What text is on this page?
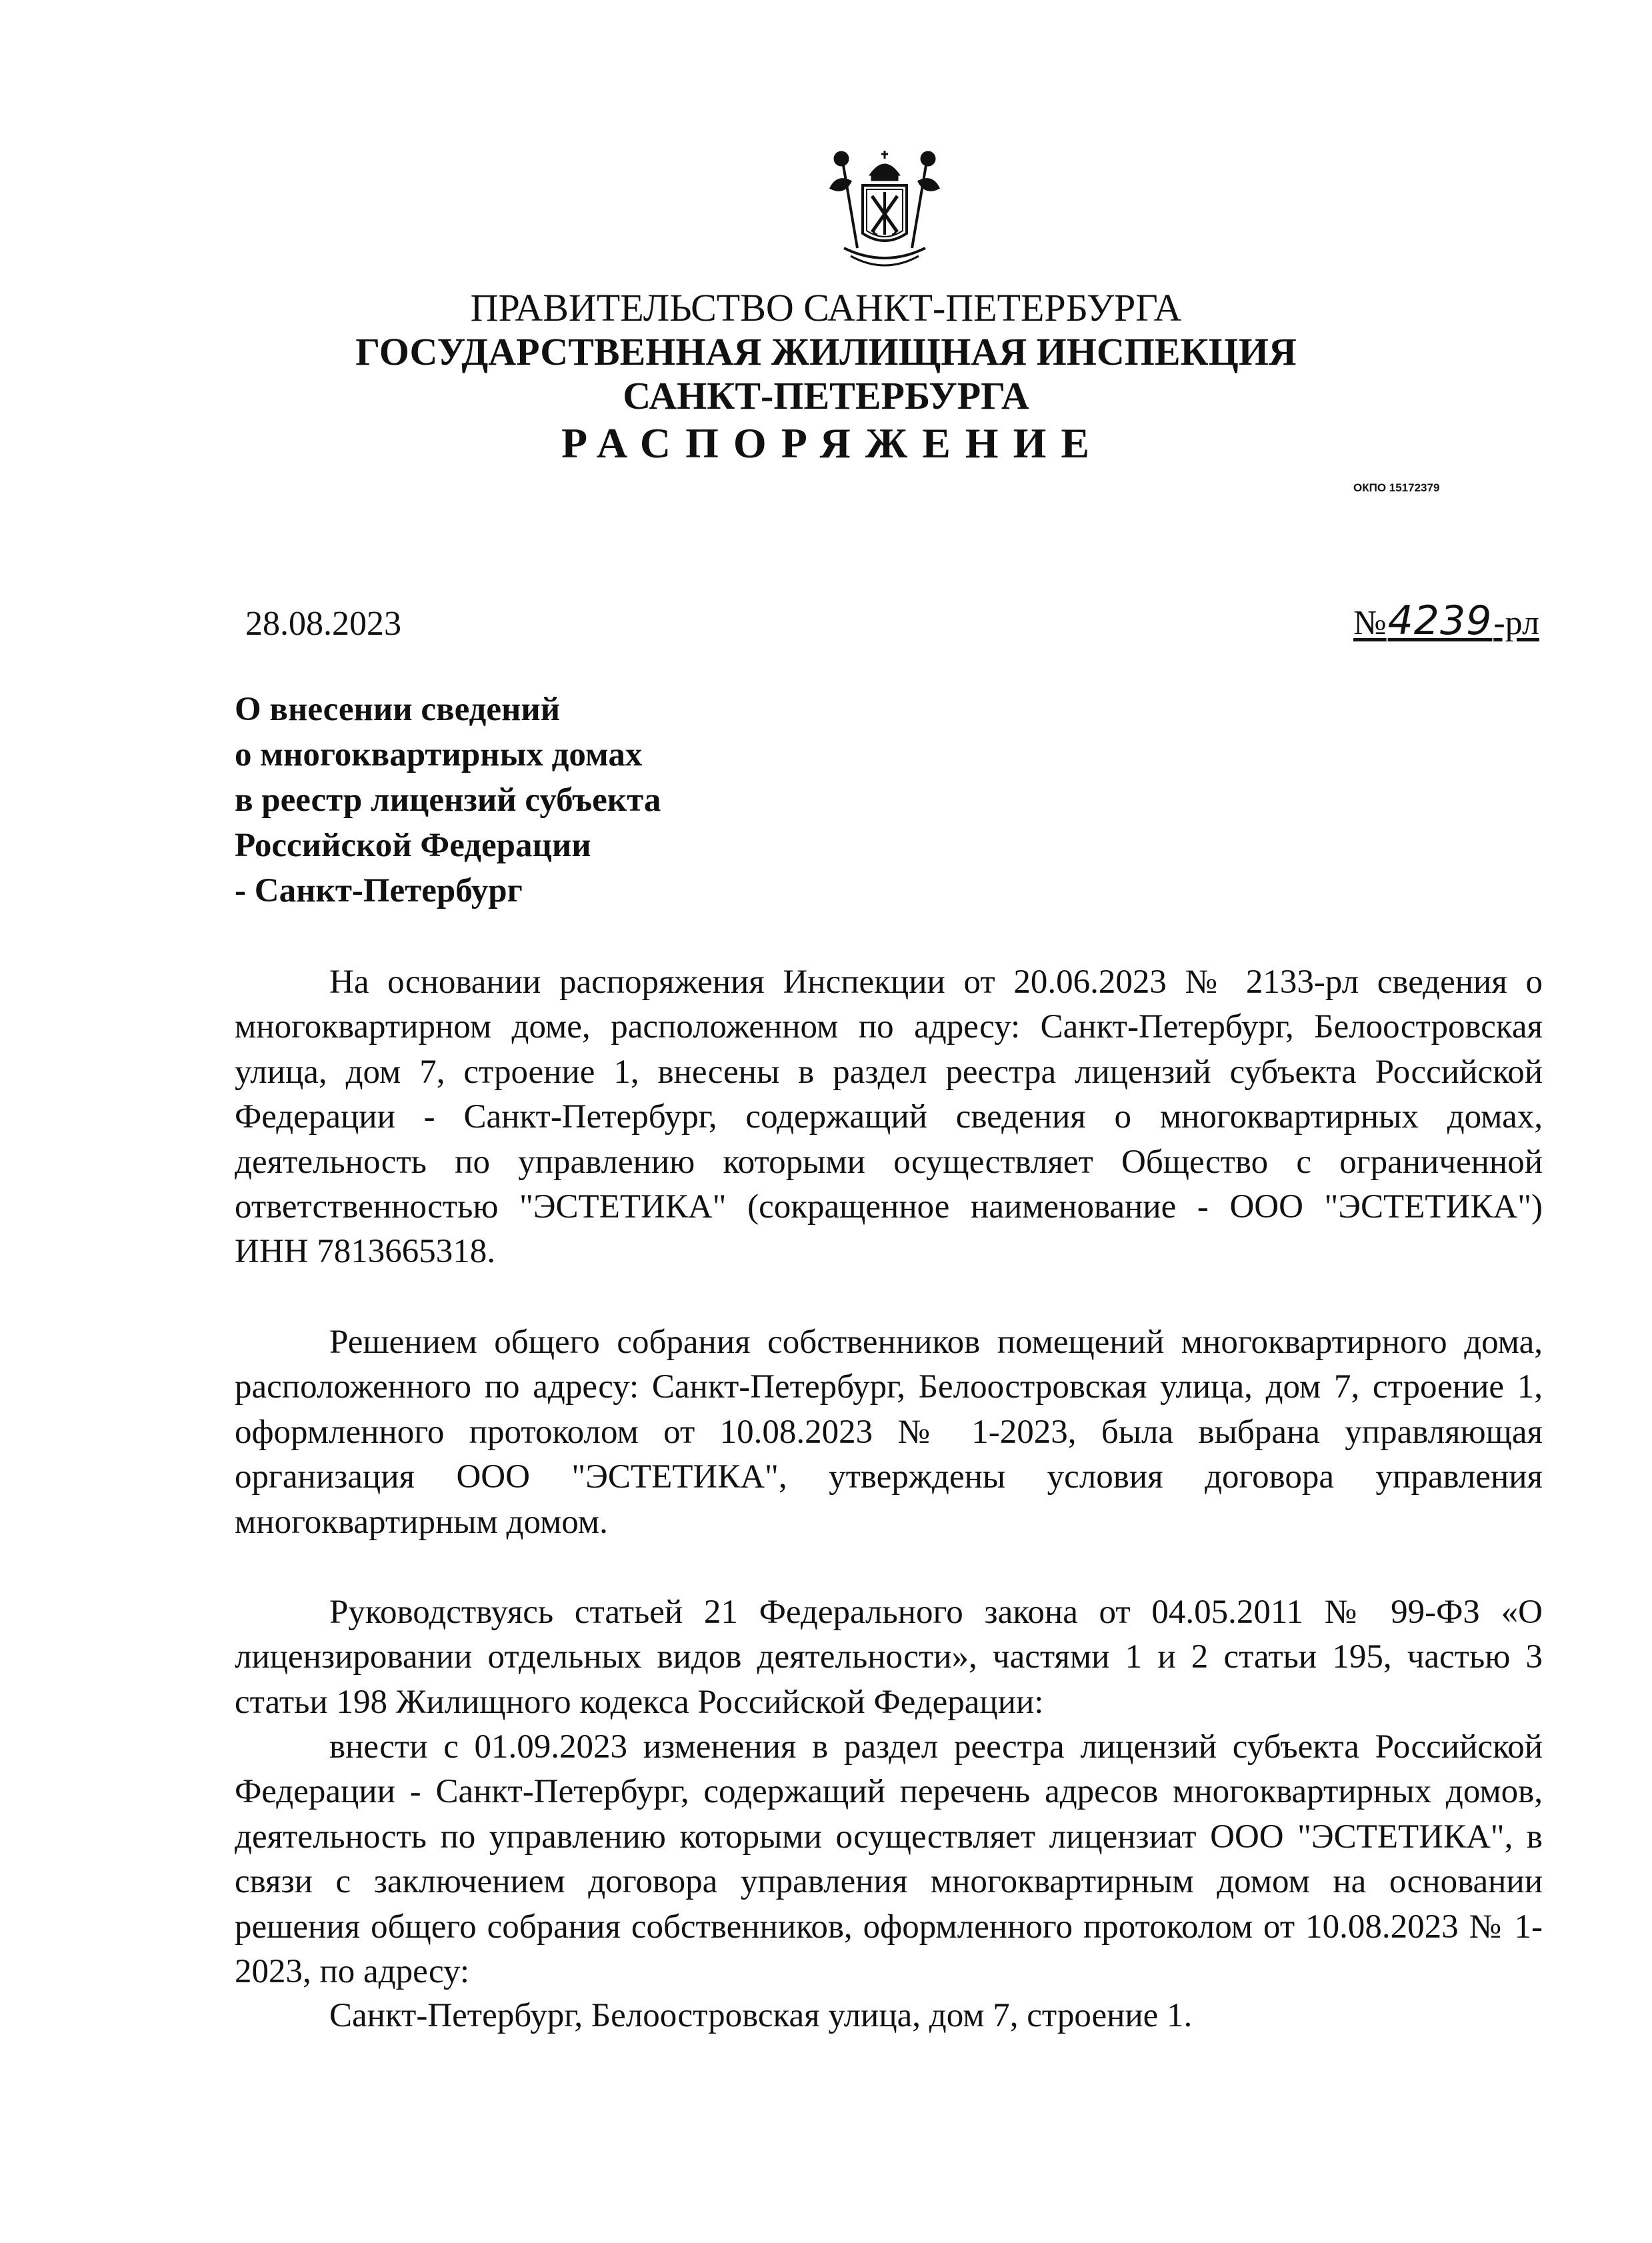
ПРАВИТЕЛЬСТВО САНКТ-ПЕТЕРБУРГА
ГОСУДАРСТВЕННАЯ ЖИЛИЩНАЯ ИНСПЕКЦИЯ
САНКТ-ПЕТЕРБУРГА
РАСПОРЯЖЕНИЕ
ОКПО 15172379
28.08.2023	№4239-рл
О внесении сведений
о многоквартирных домах
в реестр лицензий субъекта
Российской Федерации
- Санкт-Петербург
На основании распоряжения Инспекции от 20.06.2023 № 2133-рл сведения о многоквартирном доме, расположенном по адресу: Санкт-Петербург, Белоостровская улица, дом 7, строение 1, внесены в раздел реестра лицензий субъекта Российской Федерации - Санкт-Петербург, содержащий сведения о многоквартирных домах, деятельность по управлению которыми осуществляет Общество с ограниченной ответственностью "ЭСТЕТИКА" (сокращенное наименование - ООО "ЭСТЕТИКА") ИНН 7813665318.
Решением общего собрания собственников помещений многоквартирного дома, расположенного по адресу: Санкт-Петербург, Белоостровская улица, дом 7, строение 1, оформленного протоколом от 10.08.2023 № 1-2023, была выбрана управляющая организация ООО "ЭСТЕТИКА", утверждены условия договора управления многоквартирным домом.
Руководствуясь статьей 21 Федерального закона от 04.05.2011 № 99-ФЗ «О лицензировании отдельных видов деятельности», частями 1 и 2 статьи 195, частью 3 статьи 198 Жилищного кодекса Российской Федерации:
внести с 01.09.2023 изменения в раздел реестра лицензий субъекта Российской Федерации - Санкт-Петербург, содержащий перечень адресов многоквартирных домов, деятельность по управлению которыми осуществляет лицензиат ООО "ЭСТЕТИКА", в связи с заключением договора управления многоквартирным домом на основании решения общего собрания собственников, оформленного протоколом от 10.08.2023 № 1-2023, по адресу:
Санкт-Петербург, Белоостровская улица, дом 7, строение 1.
